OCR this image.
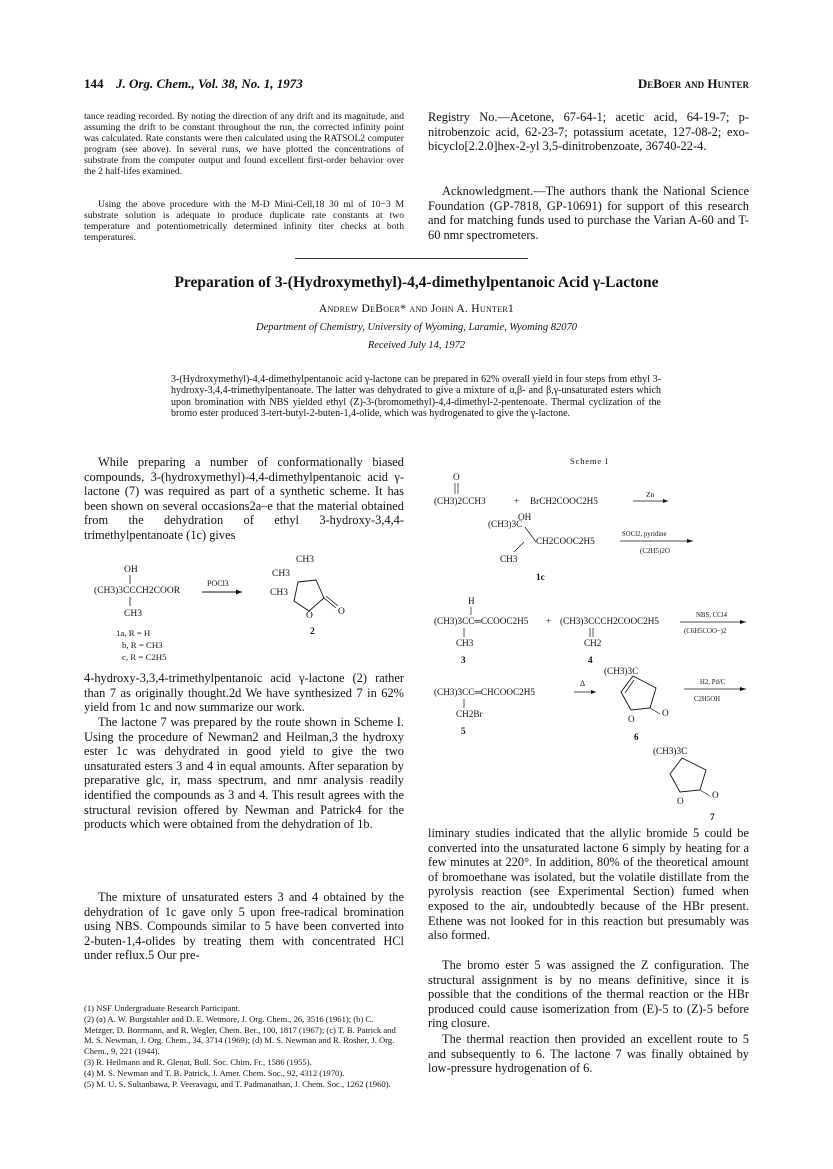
144 J. Org. Chem., Vol. 38, No. 1, 1973	DeBoer and Hunter

tance reading recorded. By noting the direction of any drift and its magnitude, and assuming the drift to be constant throughout the run, the corrected infinity point was calculated. Rate constants were then calculated using the RATSOL2 computer program (see above). In several runs, we have plotted the concentrations of substrate from the computer output and found excellent first-order behavior over the 2 half-lifes examined.

Using the above procedure with the M-D Mini-Cell,18 30 ml of 10−3 M substrate solution is adequate to produce duplicate rate constants at two temperature and potentiometrically determined infinity titer checks at both temperatures.

Registry No.—Acetone, 67-64-1; acetic acid, 64-19-7; p-nitrobenzoic acid, 62-23-7; potassium acetate, 127-08-2; exo-bicyclo[2.2.0]hex-2-yl 3,5-dinitrobenzoate, 36740-22-4.

Acknowledgment.—The authors thank the National Science Foundation (GP-7818, GP-10691) for support of this research and for matching funds used to purchase the Varian A-60 and T-60 nmr spectrometers.

Preparation of 3-(Hydroxymethyl)-4,4-dimethylpentanoic Acid γ-Lactone
Andrew DeBoer* and John A. Hunter1
Department of Chemistry, University of Wyoming, Laramie, Wyoming 82070
Received July 14, 1972

3-(Hydroxymethyl)-4,4-dimethylpentanoic acid γ-lactone can be prepared in 62% overall yield in four steps from ethyl 3-hydroxy-3,4,4-trimethylpentanoate. The latter was dehydrated to give a mixture of α,β- and β,γ-unsaturated esters which upon bromination with NBS yielded ethyl (Z)-3-(bromomethyl)-4,4-dimethyl-2-pentenoate. Thermal cyclization of the bromo ester produced 3-tert-butyl-2-buten-1,4-olide, which was hydrogenated to give the γ-lactone.

While preparing a number of conformationally biased compounds, 3-(hydroxymethyl)-4,4-dimethylpentanoic acid γ-lactone (7) was required as part of a synthetic scheme. It has been shown on several occasions2a–e that the material obtained from the dehydration of ethyl 3-hydroxy-3,4,4-trimethylpentanoate (1c) gives

OH
(CH3)3CCCH2COOR
CH3
POCl3
CH3
CH3
CH3
O	O
2
1a, R = H
b, R = CH3
c, R = C2H5

4-hydroxy-3,3,4-trimethylpentanoic acid γ-lactone (2) rather than 7 as originally thought.2d We have synthesized 7 in 62% yield from 1c and now summarize our work.

The lactone 7 was prepared by the route shown in Scheme I. Using the procedure of Newman2 and Heilman,3 the hydroxy ester 1c was dehydrated in good yield to give the two unsaturated esters 3 and 4 in equal amounts. After separation by preparative glc, ir, mass spectrum, and nmr analysis readily identified the compounds as 3 and 4. This result agrees with the structural revision offered by Newman and Patrick4 for the products which were obtained from the dehydration of 1b.

The mixture of unsaturated esters 3 and 4 obtained by the dehydration of 1c gave only 5 upon free-radical bromination using NBS. Compounds similar to 5 have been converted into 2-buten-1,4-olides by treating them with concentrated HCl under reflux.5 Our pre-

(1) NSF Undergraduate Research Participant.
(2) (a) A. W. Burgstahler and D. E. Wetmore, J. Org. Chem., 26, 3516 (1961); (b) C. Metzger, D. Borrmann, and R. Wegler, Chem. Ber., 100, 1817 (1967); (c) T. B. Patrick and M. S. Newman, J. Org. Chem., 34, 3714 (1969); (d) M. S. Newman and R. Rosher, J. Org. Chem., 9, 221 (1944).
(3) R. Heilmann and R. Glenat, Bull. Soc. Chim. Fr., 1586 (1955).
(4) M. S. Newman and T. B. Patrick, J. Amer. Chem. Soc., 92, 4312 (1970).
(5) M. U. S. Sultanbawa, P. Veeravagu, and T. Padmanathan, J. Chem. Soc., 1262 (1960).
Scheme I
O
(CH3)2CCH3	+ BrCH2COOC2H5
Zn
(CH3)3C
OH
CH2COOC2H5
CH3
SOCl2, pyridine
(C2H5)2O
1c
H
(CH3)3CC═CCOOC2H5
CH3
3
+ (CH3)3CCCH2COOC2H5
CH2
4
NBS, CCl4
(C6H5COO−)2
(CH3)3CC═CHCOOC2H5
CH2Br
5
Δ
(CH3)3C
O
O
6
H2, Pd/C
C2H5OH
(CH3)3C
O
O
7

liminary studies indicated that the allylic bromide 5 could be converted into the unsaturated lactone 6 simply by heating for a few minutes at 220°. In addition, 80% of the theoretical amount of bromoethane was isolated, but the volatile distillate from the pyrolysis reaction (see Experimental Section) fumed when exposed to the air, undoubtedly because of the HBr present. Ethene was not looked for in this reaction but presumably was also formed.

The bromo ester 5 was assigned the Z configuration. The structural assignment is by no means definitive, since it is possible that the conditions of the thermal reaction or the HBr produced could cause isomerization from (E)-5 to (Z)-5 before ring closure.

The thermal reaction then provided an excellent route to 5 and subsequently to 6. The lactone 7 was finally obtained by low-pressure hydrogenation of 6.
